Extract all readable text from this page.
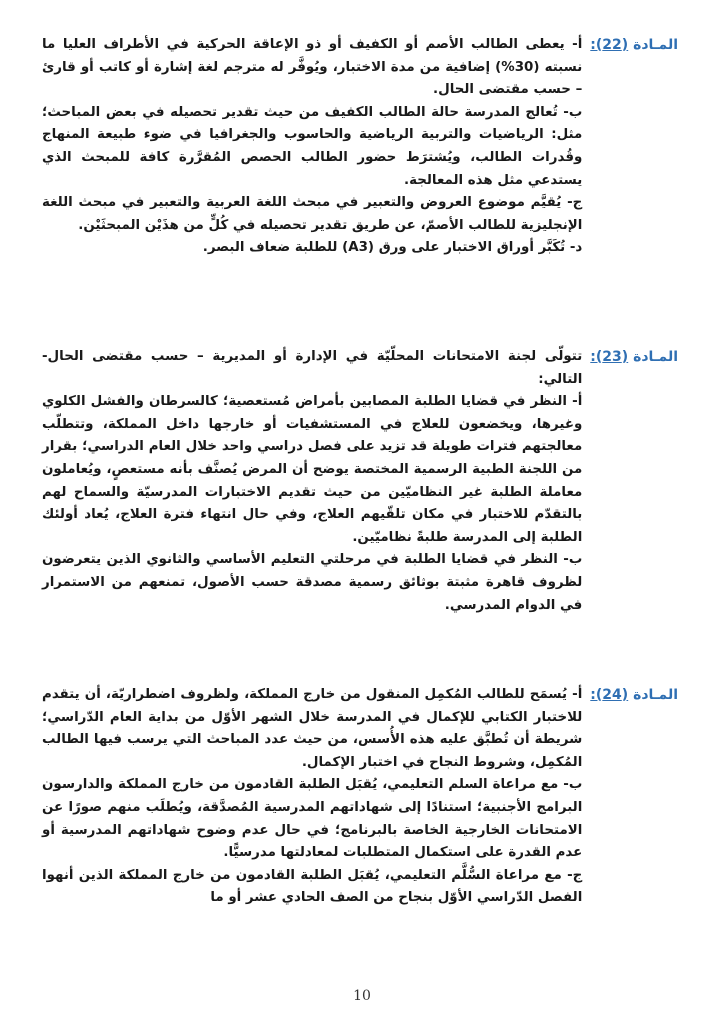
المـادة (22):

أ- يعطى الطالب الأصم أو الكفيف أو ذو الإعاقة الحركية في الأطراف العليا ما نسبته (30%) إضافية من مدة الاختبار، ويُوفَّر له مترجم لغة إشارة أو كاتب أو قارئ – حسب مقتضى الحال.

ب- تُعالج المدرسة حالة الطالب الكفيف من حيث تقدير تحصيله في بعض المباحث؛ مثل: الرياضيات والتربية الرياضية والحاسوب والجغرافيا في ضوء طبيعة المنهاج وقُدرات الطالب، ويُشترَط حضور الطالب الحصص المُقرَّرة كافة للمبحث الذي يستدعي مثل هذه المعالجة.

ج- يُقيَّم موضوع العروض والتعبير في مبحث اللغة العربية والتعبير في مبحث اللغة الإنجليزية للطالب الأصمّ، عن طريق تقدير تحصيله في كُلٍّ من هذَيْن المبحثَيْن.

د- تُكَبَّر أوراق الاختبار على ورق (A3) للطلبة ضعاف البصر.

المـادة (23):

تتولّى لجنة الامتحانات المحلّيّة في الإدارة أو المديرية – حسب مقتضى الحال- التالي:

أ- النظر في قضايا الطلبة المصابين بأمراض مُستعصية؛ كالسرطان والفشل الكلوي وغيرها، ويخضعون للعلاج في المستشفيات أو خارجها داخل المملكة، وتتطلّب معالجتهم فترات طويلة قد تزيد على فصل دراسي واحد خلال العام الدراسي؛ بقرار من اللجنة الطبية الرسمية المختصة يوضح أن المرض يُصنَّف بأنه مستعصٍ، ويُعاملون معاملة الطلبة غير النظاميّين من حيث تقديم الاختبارات المدرسيّة والسماح لهم بالتقدّم للاختبار في مكان تلقّيهم العلاج، وفي حال انتهاء فترة العلاج، يُعاد أولئك الطلبة إلى المدرسة طلبةً نظاميّين.

ب- النظر في قضايا الطلبة في مرحلتي التعليم الأساسي والثانوي الذين يتعرضون لظروف قاهرة مثبتة بوثائق رسمية مصدقة حسب الأصول، تمنعهم من الاستمرار في الدوام المدرسي.

المـادة (24):

أ- يُسمَح للطالب المُكمِل المنقول من خارج المملكة، ولظروف اضطراريّة، أن يتقدم للاختبار الكتابي للإكمال في المدرسة خلال الشهر الأوّل من بداية العام الدّراسي؛ شريطة أن تُطبَّق عليه هذه الأُسس، من حيث عدد المباحث التي يرسب فيها الطالب المُكمِل، وشروط النجاح في اختبار الإكمال.

ب- مع مراعاة السلم التعليمي، يُقبَل الطلبة القادمون من خارج المملكة والدارسون البرامج الأجنبية؛ استنادًا إلى شهاداتهم المدرسية المُصدَّقة، ويُطلَب منهم صورًا عن الامتحانات الخارجية الخاصة بالبرنامج؛ في حال عدم وضوح شهاداتهم المدرسية أو عدم القدرة على استكمال المتطلبات لمعادلتها مدرسيًّا.

ج- مع مراعاة السُّلَّم التعليمي، يُقبَل الطلبة القادمون من خارج المملكة الذين أنهوا الفصل الدّراسي الأوّل بنجاح من الصف الحادي عشر أو ما

10
